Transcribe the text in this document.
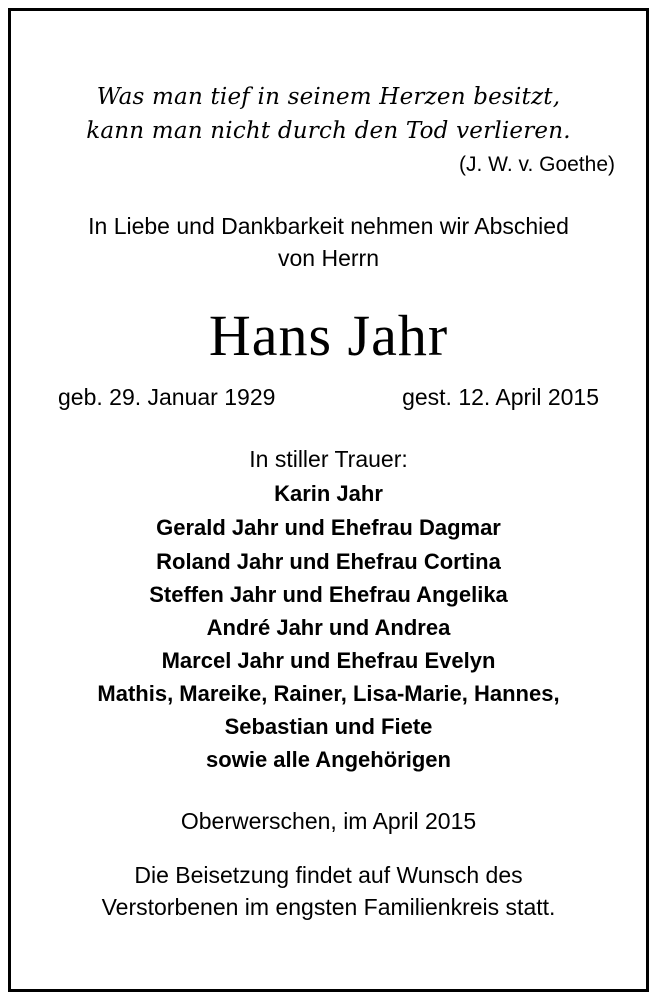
Was man tief in seinem Herzen besitzt,
kann man nicht durch den Tod verlieren.
(J. W. v. Goethe)
In Liebe und Dankbarkeit nehmen wir Abschied
von Herrn
Hans Jahr
geb. 29. Januar 1929	gest. 12. April 2015
In stiller Trauer:
Karin Jahr
Gerald Jahr und Ehefrau Dagmar
Roland Jahr und Ehefrau Cortina
Steffen Jahr und Ehefrau Angelika
André Jahr und Andrea
Marcel Jahr und Ehefrau Evelyn
Mathis, Mareike, Rainer, Lisa-Marie, Hannes,
Sebastian und Fiete
sowie alle Angehörigen
Oberwerschen, im April 2015
Die Beisetzung findet auf Wunsch des
Verstorbenen im engsten Familienkreis statt.
